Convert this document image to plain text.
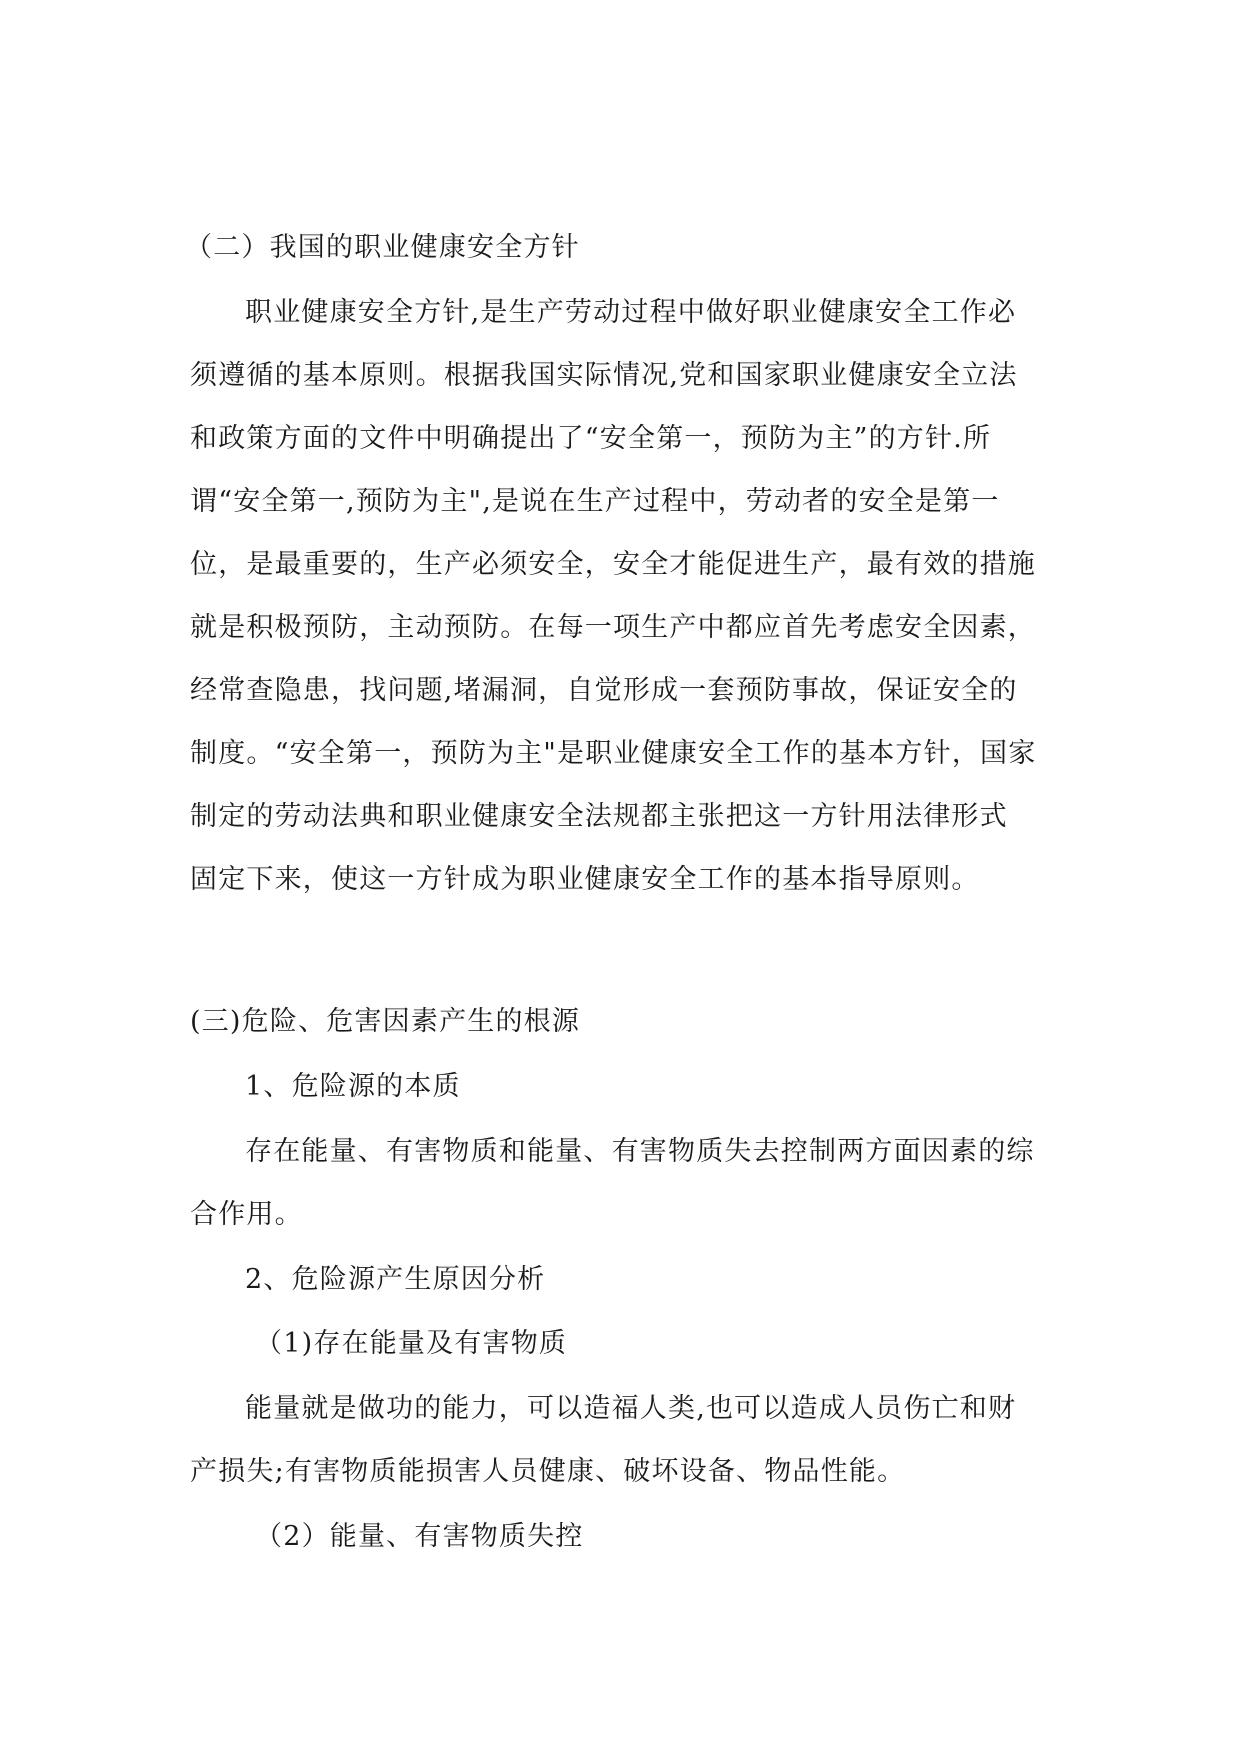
（二）我国的职业健康安全方针
职业健康安全方针,是生产劳动过程中做好职业健康安全工作必
须遵循的基本原则。根据我国实际情况,党和国家职业健康安全立法
和政策方面的文件中明确提出了“安全第一，预防为主”的方针.所
谓“安全第一,预防为主",是说在生产过程中，劳动者的安全是第一
位，是最重要的，生产必须安全，安全才能促进生产，最有效的措施
就是积极预防，主动预防。在每一项生产中都应首先考虑安全因素，
经常查隐患，找问题,堵漏洞，自觉形成一套预防事故，保证安全的
制度。“安全第一，预防为主"是职业健康安全工作的基本方针，国家
制定的劳动法典和职业健康安全法规都主张把这一方针用法律形式
固定下来，使这一方针成为职业健康安全工作的基本指导原则。
(三)危险、危害因素产生的根源
1、危险源的本质
存在能量、有害物质和能量、有害物质失去控制两方面因素的综
合作用。
2、危险源产生原因分析
（1)存在能量及有害物质
能量就是做功的能力，可以造福人类,也可以造成人员伤亡和财
产损失;有害物质能损害人员健康、破坏设备、物品性能。
（2）能量、有害物质失控
